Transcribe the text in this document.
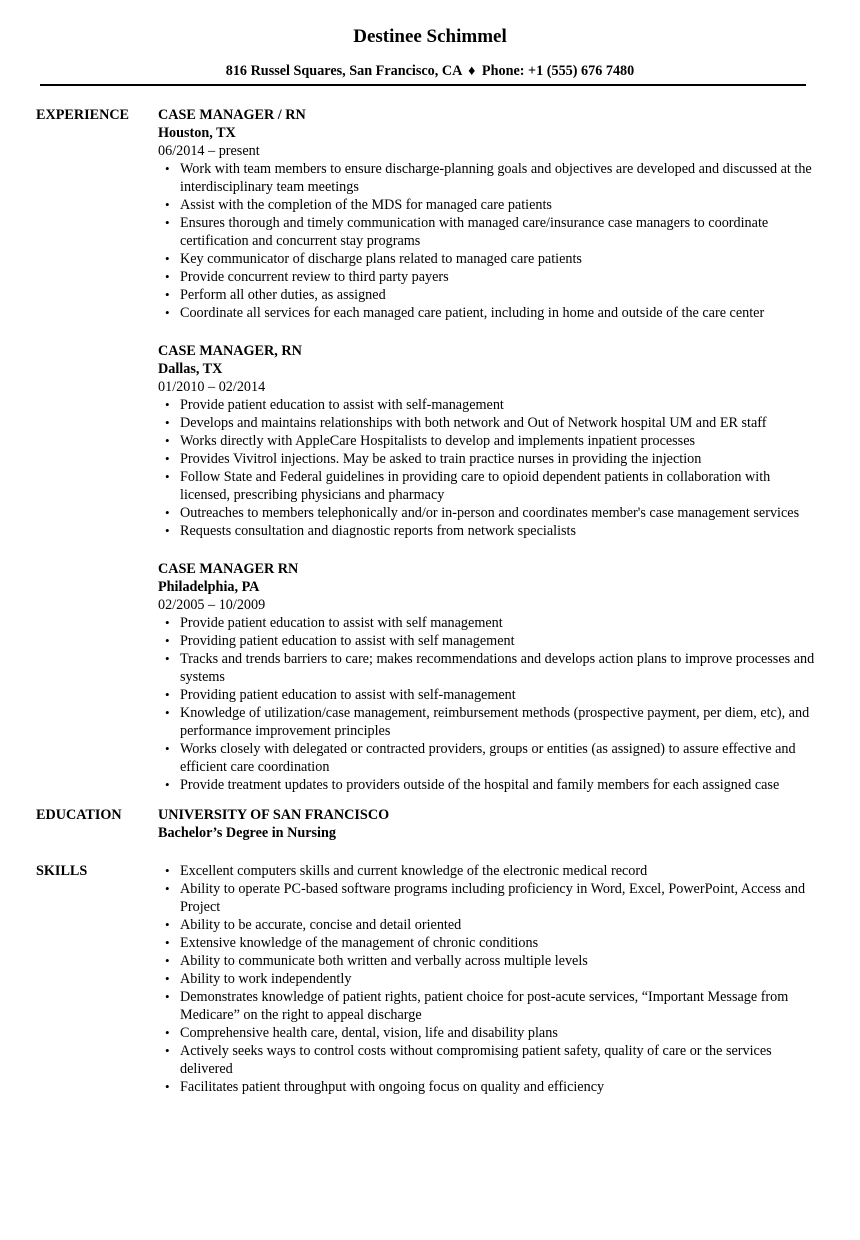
Destinee Schimmel
816 Russel Squares, San Francisco, CA ♦ Phone: +1 (555) 676 7480
EXPERIENCE	CASE MANAGER / RN
Houston, TX
06/2014 – present
• Work with team members to ensure discharge-planning goals and objectives are developed and discussed at the interdisciplinary team meetings
• Assist with the completion of the MDS for managed care patients
• Ensures thorough and timely communication with managed care/insurance case managers to coordinate certification and concurrent stay programs
• Key communicator of discharge plans related to managed care patients
• Provide concurrent review to third party payers
• Perform all other duties, as assigned
• Coordinate all services for each managed care patient, including in home and outside of the care center
CASE MANAGER, RN
Dallas, TX
01/2010 – 02/2014
• Provide patient education to assist with self-management
• Develops and maintains relationships with both network and Out of Network hospital UM and ER staff
• Works directly with AppleCare Hospitalists to develop and implements inpatient processes
• Provides Vivitrol injections. May be asked to train practice nurses in providing the injection
• Follow State and Federal guidelines in providing care to opioid dependent patients in collaboration with licensed, prescribing physicians and pharmacy
• Outreaches to members telephonically and/or in-person and coordinates member's case management services
• Requests consultation and diagnostic reports from network specialists
CASE MANAGER RN
Philadelphia, PA
02/2005 – 10/2009
• Provide patient education to assist with self management
• Providing patient education to assist with self management
• Tracks and trends barriers to care; makes recommendations and develops action plans to improve processes and systems
• Providing patient education to assist with self-management
• Knowledge of utilization/case management, reimbursement methods (prospective payment, per diem, etc), and performance improvement principles
• Works closely with delegated or contracted providers, groups or entities (as assigned) to assure effective and efficient care coordination
• Provide treatment updates to providers outside of the hospital and family members for each assigned case
EDUCATION	UNIVERSITY OF SAN FRANCISCO
Bachelor’s Degree in Nursing
SKILLS	• Excellent computers skills and current knowledge of the electronic medical record
• Ability to operate PC-based software programs including proficiency in Word, Excel, PowerPoint, Access and Project
• Ability to be accurate, concise and detail oriented
• Extensive knowledge of the management of chronic conditions
• Ability to communicate both written and verbally across multiple levels
• Ability to work independently
• Demonstrates knowledge of patient rights, patient choice for post-acute services, “Important Message from Medicare” on the right to appeal discharge
• Comprehensive health care, dental, vision, life and disability plans
• Actively seeks ways to control costs without compromising patient safety, quality of care or the services delivered
• Facilitates patient throughput with ongoing focus on quality and efficiency
